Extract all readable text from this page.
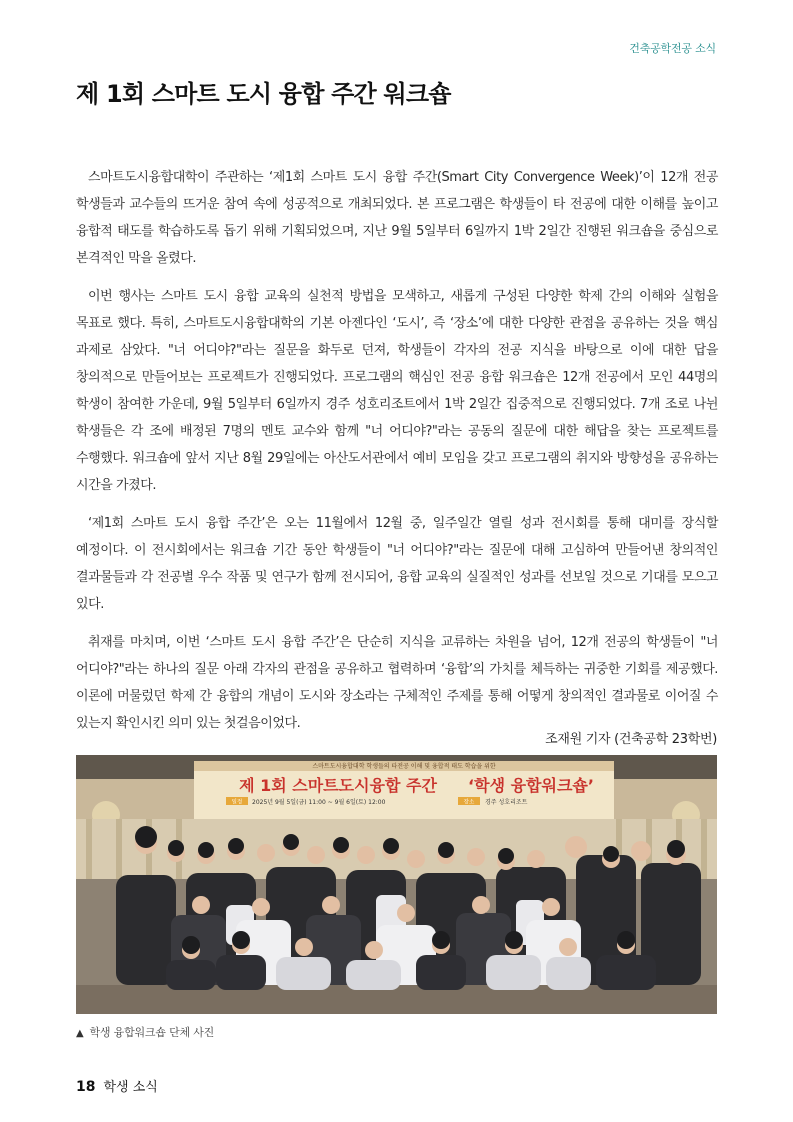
건축공학전공 소식
제 1회 스마트 도시 융합 주간 워크숍

스마트도시융합대학이 주관하는 ‘제1회 스마트 도시 융합 주간(Smart City Convergence Week)’이 12개 전공 학생들과 교수들의 뜨거운 참여 속에 성공적으로 개최되었다. 본 프로그램은 학생들이 타 전공에 대한 이해를 높이고 융합적 태도를 학습하도록 돕기 위해 기획되었으며, 지난 9월 5일부터 6일까지 1박 2일간 진행된 워크숍을 중심으로 본격적인 막을 올렸다.

이번 행사는 스마트 도시 융합 교육의 실천적 방법을 모색하고, 새롭게 구성된 다양한 학제 간의 이해와 실험을 목표로 했다. 특히, 스마트도시융합대학의 기본 아젠다인 ‘도시’, 즉 ‘장소’에 대한 다양한 관점을 공유하는 것을 핵심 과제로 삼았다. "너 어디야?"라는 질문을 화두로 던져, 학생들이 각자의 전공 지식을 바탕으로 이에 대한 답을 창의적으로 만들어보는 프로젝트가 진행되었다. 프로그램의 핵심인 전공 융합 워크숍은 12개 전공에서 모인 44명의 학생이 참여한 가운데, 9월 5일부터 6일까지 경주 성호리조트에서 1박 2일간 집중적으로 진행되었다. 7개 조로 나뉜 학생들은 각 조에 배정된 7명의 멘토 교수와 함께 "너 어디야?"라는 공동의 질문에 대한 해답을 찾는 프로젝트를 수행했다. 워크숍에 앞서 지난 8월 29일에는 아산도서관에서 예비 모임을 갖고 프로그램의 취지와 방향성을 공유하는 시간을 가졌다.

‘제1회 스마트 도시 융합 주간’은 오는 11월에서 12월 중, 일주일간 열릴 성과 전시회를 통해 대미를 장식할 예정이다. 이 전시회에서는 워크숍 기간 동안 학생들이 "너 어디야?"라는 질문에 대해 고심하여 만들어낸 창의적인 결과물들과 각 전공별 우수 작품 및 연구가 함께 전시되어, 융합 교육의 실질적인 성과를 선보일 것으로 기대를 모으고 있다.

취재를 마치며, 이번 ‘스마트 도시 융합 주간’은 단순히 지식을 교류하는 차원을 넘어, 12개 전공의 학생들이 "너 어디야?"라는 하나의 질문 아래 각자의 관점을 공유하고 협력하며 ‘융합’의 가치를 체득하는 귀중한 기회를 제공했다. 이론에 머물렀던 학제 간 융합의 개념이 도시와 장소라는 구체적인 주제를 통해 어떻게 창의적인 결과물로 이어질 수 있는지 확인시킨 의미 있는 첫걸음이었다.

조재원 기자 (건축공학 23학번)
스마트도시융합대학 학생들의 타전공 이해 및 융합적 태도 학습을 위한
제 1회 스마트도시융합 주간 ‘학생 융합워크숍’
일정 2025년 9월 5일(금) 11:00 ~ 9월 6일(토) 12:00	장소 경주 성호리조트
▲ 학생 융합워크숍 단체 사진
18 학생 소식
